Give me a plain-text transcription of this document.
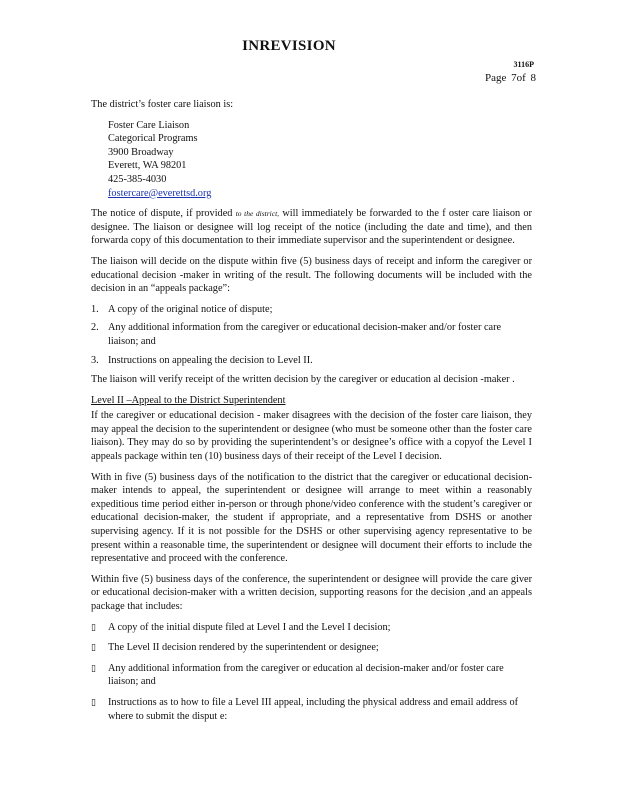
INREVISION
3116P
Page 7of 8

The district’s foster care liaison is:

Foster Care Liaison
Categorical Programs
3900 Broadway
Everett, WA 98201
425-385-4030
fostercare@everettsd.org

The notice of dispute, if provided to the district, will immediately be forwarded to the f oster care liaison or designee. The liaison or designee will log receipt of the notice (including the date and time), and then forwarda copy of this documentation to their immediate supervisor and the superintendent or designee.

The liaison will decide on the dispute within five (5) business days of receipt and inform the caregiver or educational decision -maker in writing of the result. The following documents will be included with the decision in an “appeals package”:

1. A copy of the original notice of dispute;
2. Any additional information from the caregiver or educational decision-maker and/or foster care liaison; and
3. Instructions on appealing the decision to Level II.

The liaison will verify receipt of the written decision by the caregiver or education al decision -maker .

Level II –Appeal to the District Superintendent

If the caregiver or educational decision - maker disagrees with the decision of the foster care liaison, they may appeal the decision to the superintendent or designee (who must be someone other than the foster care liaison). They may do so by providing the superintendent’s or designee’s office with a copyof the Level I appeals package within ten (10) business days of their receipt of the Level I decision.

With in five (5) business days of the notification to the district that the caregiver or educational decision-maker intends to appeal, the superintendent or designee will arrange to meet within a reasonably expeditious time period either in-person or through phone/video conference with the student’s caregiver or educational decision-maker, the student if appropriate, and a representative from DSHS or another supervising agency. If it is not possible for the DSHS or other supervising agency representative to be present within a reasonable time, the superintendent or designee will document their efforts to include the representative and proceed with the conference.

Within five (5) business days of the conference, the superintendent or designee will provide the care giver or educational decision-maker with a written decision, supporting reasons for the decision ,and an appeals package that includes:

▯ A copy of the initial dispute filed at Level I and the Level I decision;
▯ The Level II decision rendered by the superintendent or designee;
▯ Any additional information from the caregiver or education al decision-maker and/or foster care liaison; and
▯ Instructions as to how to file a Level III appeal, including the physical address and email address of where to submit the disput e:
